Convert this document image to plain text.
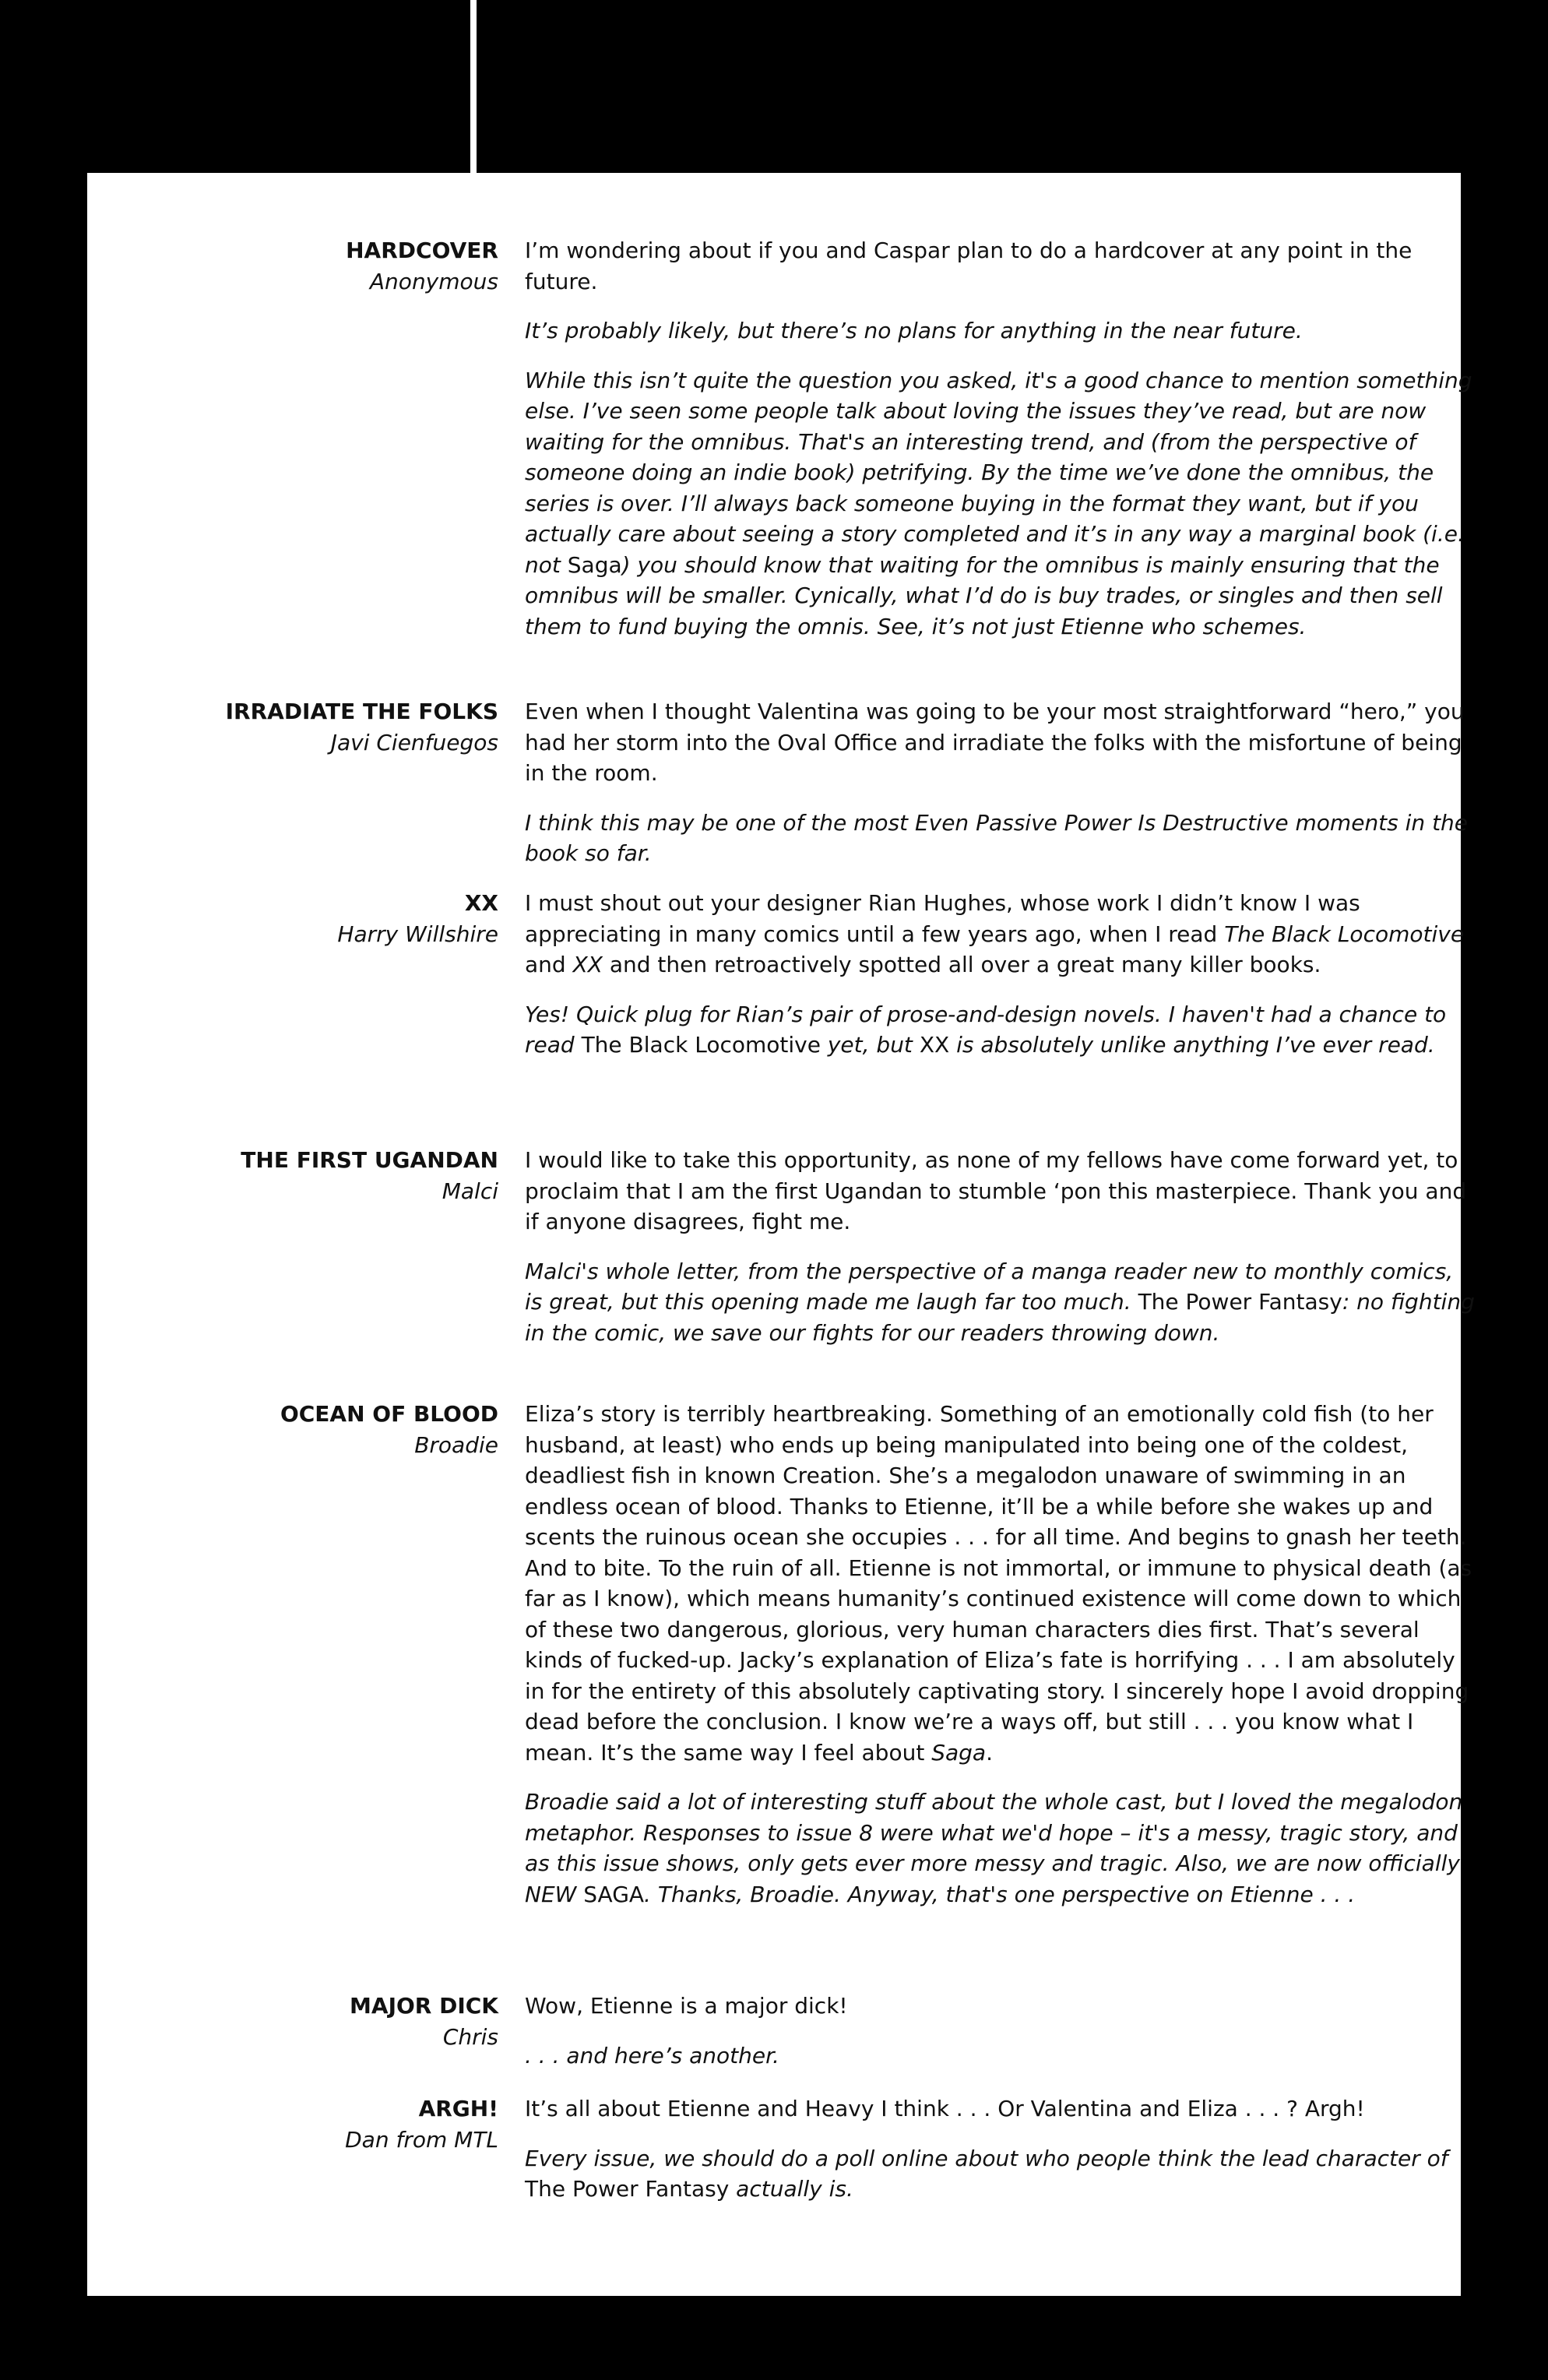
HARDCOVER
Anonymous

I’m wondering about if you and Caspar plan to do a hardcover at any point in the future.

It’s probably likely, but there’s no plans for anything in the near future.

While this isn’t quite the question you asked, it's a good chance to mention something else. I’ve seen some people talk about loving the issues they’ve read, but are now waiting for the omnibus. That's an interesting trend, and (from the perspective of someone doing an indie book) petrifying. By the time we’ve done the omnibus, the series is over. I’ll always back someone buying in the format they want, but if you actually care about seeing a story completed and it’s in any way a marginal book (i.e. not Saga) you should know that waiting for the omnibus is mainly ensuring that the omnibus will be smaller. Cynically, what I’d do is buy trades, or singles and then sell them to fund buying the omnis. See, it’s not just Etienne who schemes.

IRRADIATE THE FOLKS
Javi Cienfuegos

Even when I thought Valentina was going to be your most straightforward “hero,” you had her storm into the Oval Office and irradiate the folks with the misfortune of being in the room.

I think this may be one of the most Even Passive Power Is Destructive moments in the book so far.

XX
Harry Willshire

I must shout out your designer Rian Hughes, whose work I didn’t know I was appreciating in many comics until a few years ago, when I read The Black Locomotive and XX and then retroactively spotted all over a great many killer books.

Yes! Quick plug for Rian’s pair of prose-and-design novels. I haven't had a chance to read The Black Locomotive yet, but XX is absolutely unlike anything I’ve ever read.

THE FIRST UGANDAN
Malci

I would like to take this opportunity, as none of my fellows have come forward yet, to proclaim that I am the first Ugandan to stumble ‘pon this masterpiece. Thank you and if anyone disagrees, fight me.

Malci's whole letter, from the perspective of a manga reader new to monthly comics, is great, but this opening made me laugh far too much. The Power Fantasy: no fighting in the comic, we save our fights for our readers throwing down.

OCEAN OF BLOOD
Broadie

Eliza’s story is terribly heartbreaking. Something of an emotionally cold fish (to her husband, at least) who ends up being manipulated into being one of the coldest, deadliest fish in known Creation. She’s a megalodon unaware of swimming in an endless ocean of blood. Thanks to Etienne, it’ll be a while before she wakes up and scents the ruinous ocean she occupies . . . for all time. And begins to gnash her teeth. And to bite. To the ruin of all. Etienne is not immortal, or immune to physical death (as far as I know), which means humanity’s continued existence will come down to which of these two dangerous, glorious, very human characters dies first. That’s several kinds of fucked-up. Jacky’s explanation of Eliza’s fate is horrifying . . . I am absolutely in for the entirety of this absolutely captivating story. I sincerely hope I avoid dropping dead before the conclusion. I know we’re a ways off, but still . . . you know what I mean. It’s the same way I feel about Saga.

Broadie said a lot of interesting stuff about the whole cast, but I loved the megalodon metaphor. Responses to issue 8 were what we'd hope – it's a messy, tragic story, and as this issue shows, only gets ever more messy and tragic. Also, we are now officially NEW SAGA. Thanks, Broadie. Anyway, that's one perspective on Etienne . . .

MAJOR DICK
Chris

Wow, Etienne is a major dick!

. . . and here’s another.

ARGH!
Dan from MTL

It’s all about Etienne and Heavy I think . . . Or Valentina and Eliza . . . ? Argh!

Every issue, we should do a poll online about who people think the lead character of The Power Fantasy actually is.
